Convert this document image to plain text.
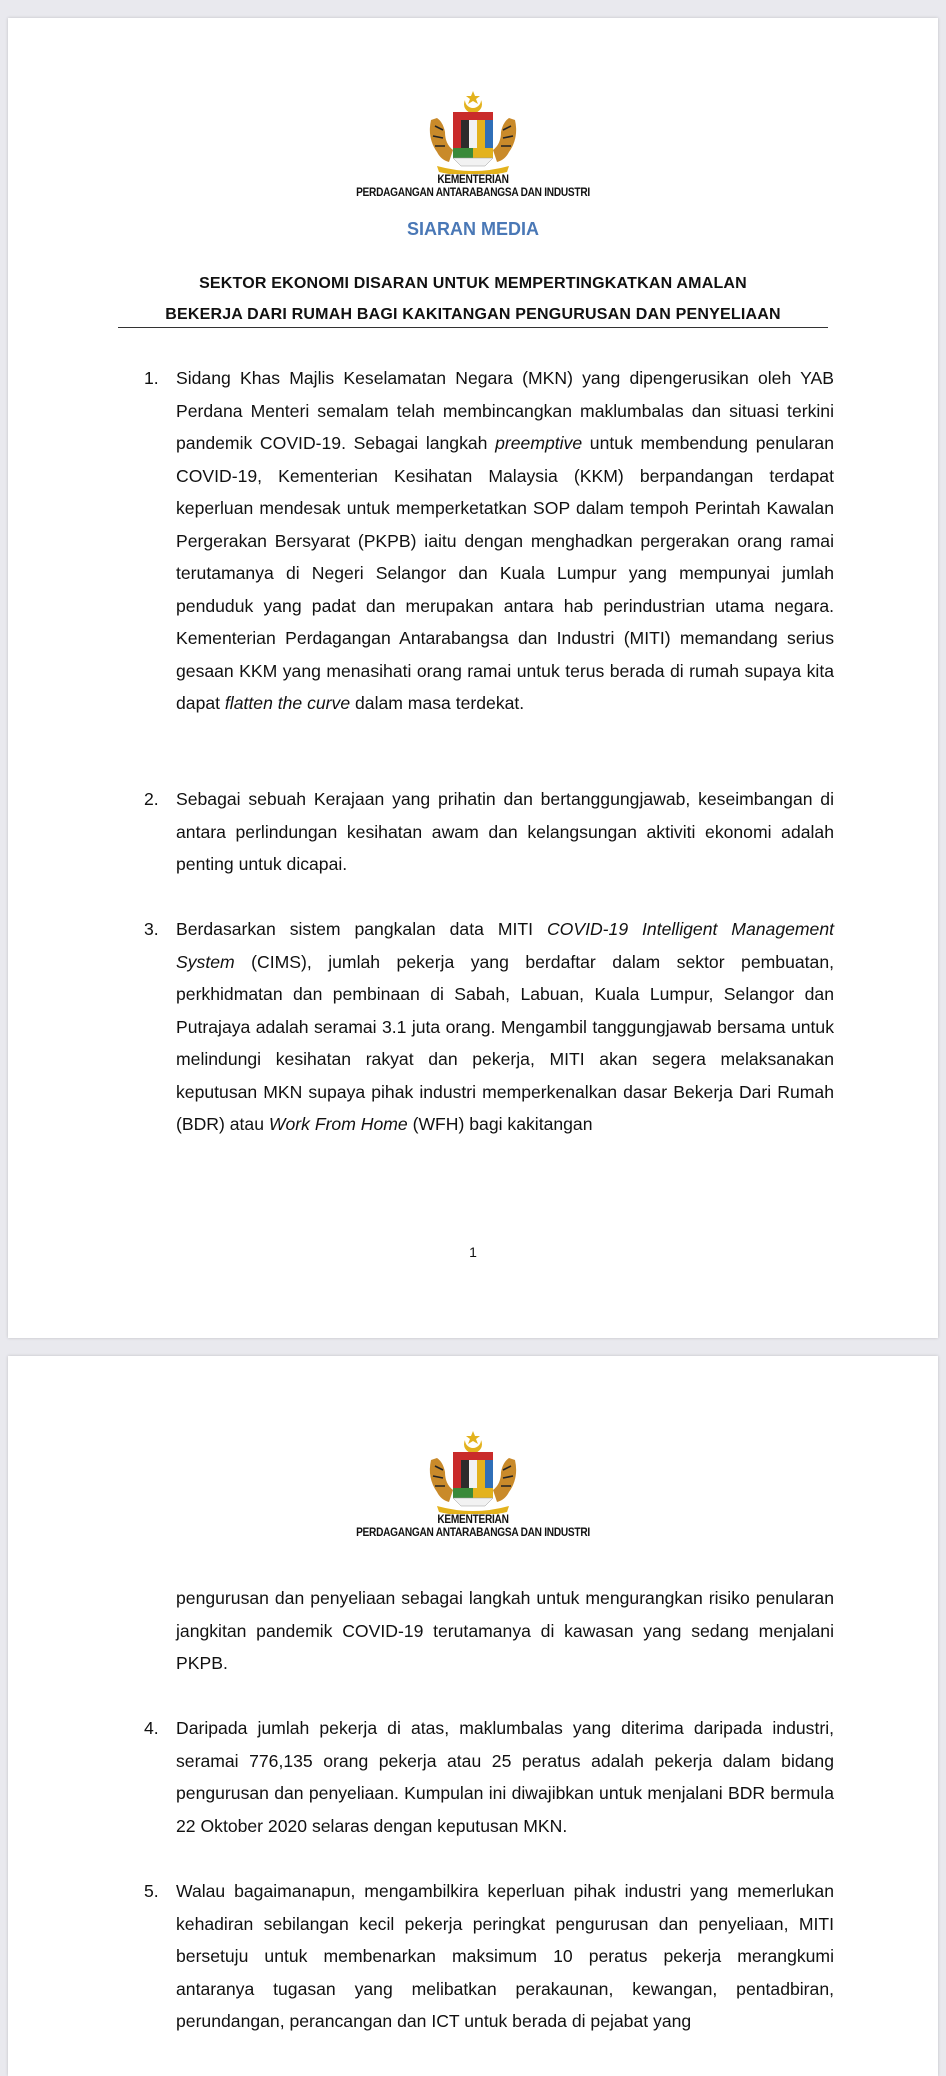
KEMENTERIAN
PERDAGANGAN ANTARABANGSA DAN INDUSTRI
SIARAN MEDIA
SEKTOR EKONOMI DISARAN UNTUK MEMPERTINGKATKAN AMALAN
BEKERJA DARI RUMAH BAGI KAKITANGAN PENGURUSAN DAN PENYELIAAN

1. Sidang Khas Majlis Keselamatan Negara (MKN) yang dipengerusikan oleh YAB Perdana Menteri semalam telah membincangkan maklumbalas dan situasi terkini pandemik COVID-19. Sebagai langkah preemptive untuk membendung penularan COVID-19, Kementerian Kesihatan Malaysia (KKM) berpandangan terdapat keperluan mendesak untuk memperketatkan SOP dalam tempoh Perintah Kawalan Pergerakan Bersyarat (PKPB) iaitu dengan menghadkan pergerakan orang ramai terutamanya di Negeri Selangor dan Kuala Lumpur yang mempunyai jumlah penduduk yang padat dan merupakan antara hab perindustrian utama negara. Kementerian Perdagangan Antarabangsa dan Industri (MITI) memandang serius gesaan KKM yang menasihati orang ramai untuk terus berada di rumah supaya kita dapat flatten the curve dalam masa terdekat.

2. Sebagai sebuah Kerajaan yang prihatin dan bertanggungjawab, keseimbangan di antara perlindungan kesihatan awam dan kelangsungan aktiviti ekonomi adalah penting untuk dicapai.

3. Berdasarkan sistem pangkalan data MITI COVID-19 Intelligent Management System (CIMS), jumlah pekerja yang berdaftar dalam sektor pembuatan, perkhidmatan dan pembinaan di Sabah, Labuan, Kuala Lumpur, Selangor dan Putrajaya adalah seramai 3.1 juta orang. Mengambil tanggungjawab bersama untuk melindungi kesihatan rakyat dan pekerja, MITI akan segera melaksanakan keputusan MKN supaya pihak industri memperkenalkan dasar Bekerja Dari Rumah (BDR) atau Work From Home (WFH) bagi kakitangan

1
KEMENTERIAN
PERDAGANGAN ANTARABANGSA DAN INDUSTRI

pengurusan dan penyeliaan sebagai langkah untuk mengurangkan risiko penularan jangkitan pandemik COVID-19 terutamanya di kawasan yang sedang menjalani PKPB.

4. Daripada jumlah pekerja di atas, maklumbalas yang diterima daripada industri, seramai 776,135 orang pekerja atau 25 peratus adalah pekerja dalam bidang pengurusan dan penyeliaan. Kumpulan ini diwajibkan untuk menjalani BDR bermula 22 Oktober 2020 selaras dengan keputusan MKN.

5. Walau bagaimanapun, mengambilkira keperluan pihak industri yang memerlukan kehadiran sebilangan kecil pekerja peringkat pengurusan dan penyeliaan, MITI bersetuju untuk membenarkan maksimum 10 peratus pekerja merangkumi antaranya tugasan yang melibatkan perakaunan, kewangan, pentadbiran, perundangan, perancangan dan ICT untuk berada di pejabat yang
